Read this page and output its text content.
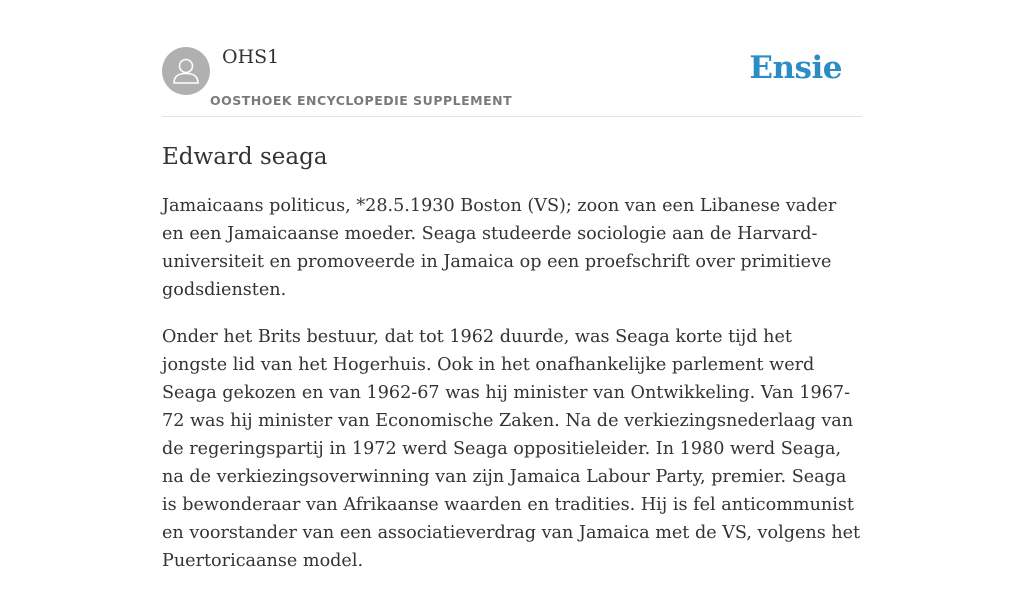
OHS1
OOSTHOEK ENCYCLOPEDIE SUPPLEMENT
Ensie
Edward seaga

Jamaicaans politicus, *28.5.1930 Boston (VS); zoon van een Libanese vader en een Jamaicaanse moeder. Seaga studeerde sociologie aan de Harvard-universiteit en promoveerde in Jamaica op een proefschrift over primitieve godsdiensten.

Onder het Brits bestuur, dat tot 1962 duurde, was Seaga korte tijd het jongste lid van het Hogerhuis. Ook in het onafhankelijke parlement werd Seaga gekozen en van 1962-67 was hij minister van Ontwikkeling. Van 1967-72 was hij minister van Economische Zaken. Na de verkiezingsnederlaag van de regeringspartij in 1972 werd Seaga oppositieleider. In 1980 werd Seaga, na de verkiezingsoverwinning van zijn Jamaica Labour Party, premier. Seaga is bewonderaar van Afrikaanse waarden en tradities. Hij is fel anticommunist en voorstander van een associatieverdrag van Jamaica met de VS, volgens het Puertoricaanse model.
